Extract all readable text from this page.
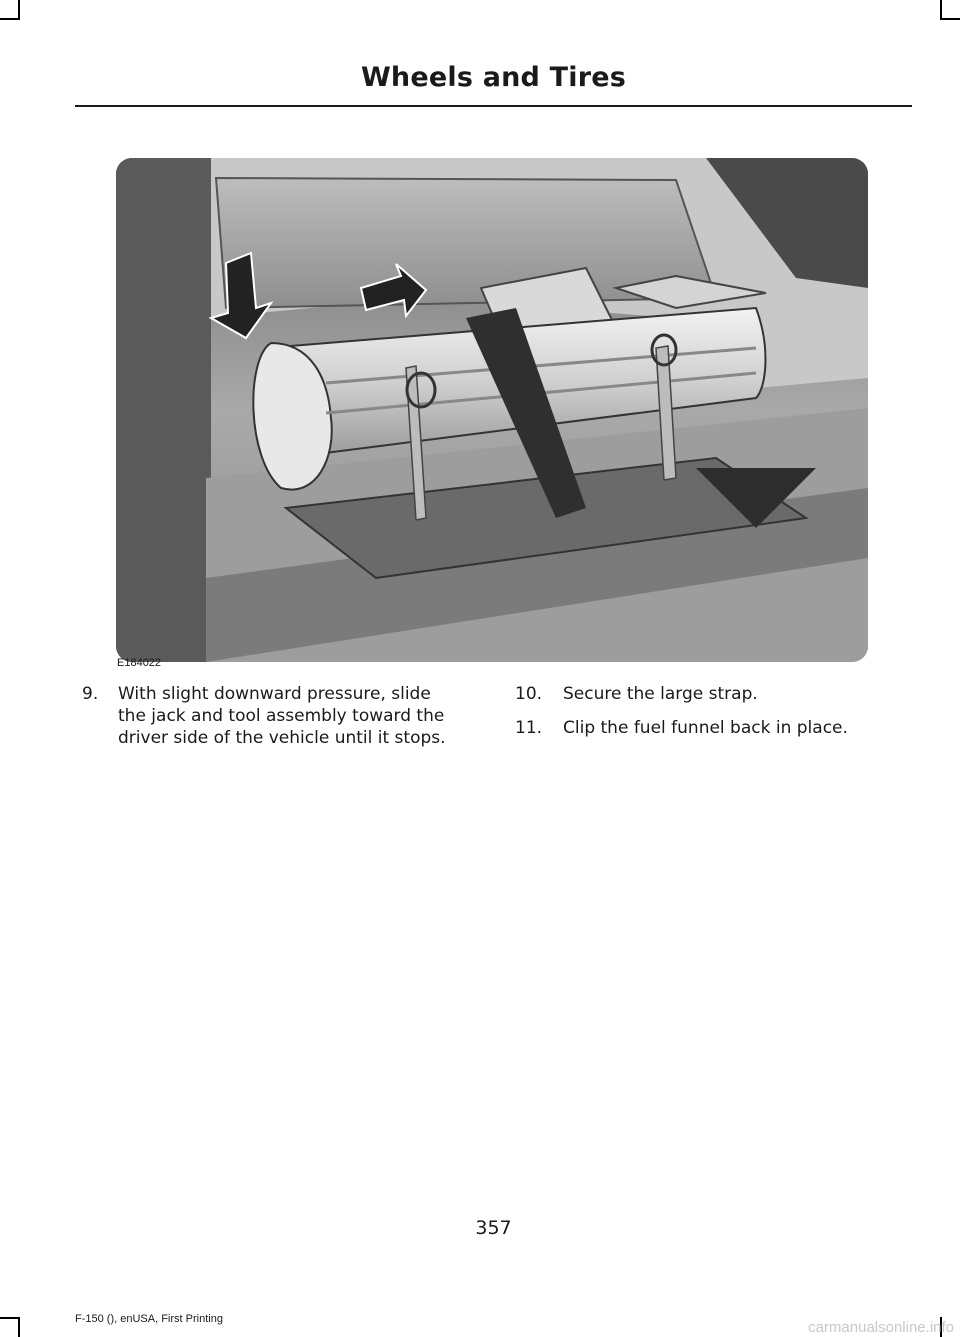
Wheels and Tires
E184022
9. With slight downward pressure, slide
the jack and tool assembly toward the
driver side of the vehicle until it stops.
10. Secure the large strap.
11. Clip the fuel funnel back in place.
357
F-150 (), enUSA, First Printing	carmanualsonline.info
